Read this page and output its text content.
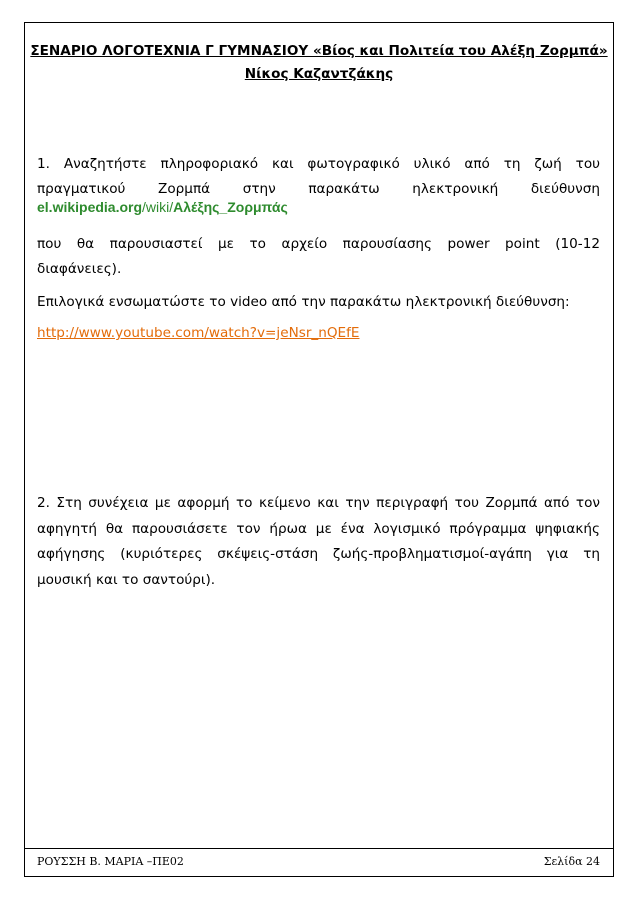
ΣΕΝΑΡΙΟ ΛΟΓΟΤΕΧΝΙΑ Γ ΓΥΜΝΑΣΙΟΥ «Βίος και Πολιτεία του Αλέξη Ζορμπά»
Νίκος Καζαντζάκης
1. Αναζητήστε πληροφοριακό και φωτογραφικό υλικό από τη ζωή του
πραγματικού Ζορμπά στην παρακάτω ηλεκτρονική διεύθυνση
el.wikipedia.org/wiki/Αλέξης_Ζορμπάς
που θα παρουσιαστεί με το αρχείο παρουσίασης power point (10-12
διαφάνειες).
Επιλογικά ενσωματώστε το video από την παρακάτω ηλεκτρονική διεύθυνση:
http://www.youtube.com/watch?v=jeNsr_nQEfE
2. Στη συνέχεια με αφορμή το κείμενο και την περιγραφή του Ζορμπά από τον
αφηγητή θα παρουσιάσετε τον ήρωα με ένα λογισμικό πρόγραμμα ψηφιακής
αφήγησης (κυριότερες σκέψεις-στάση ζωής-προβληματισμοί-αγάπη για τη
μουσική και το σαντούρι).
ΡΟΥΣΣΗ Β. ΜΑΡΙΑ –ΠΕ02	Σελίδα 24
